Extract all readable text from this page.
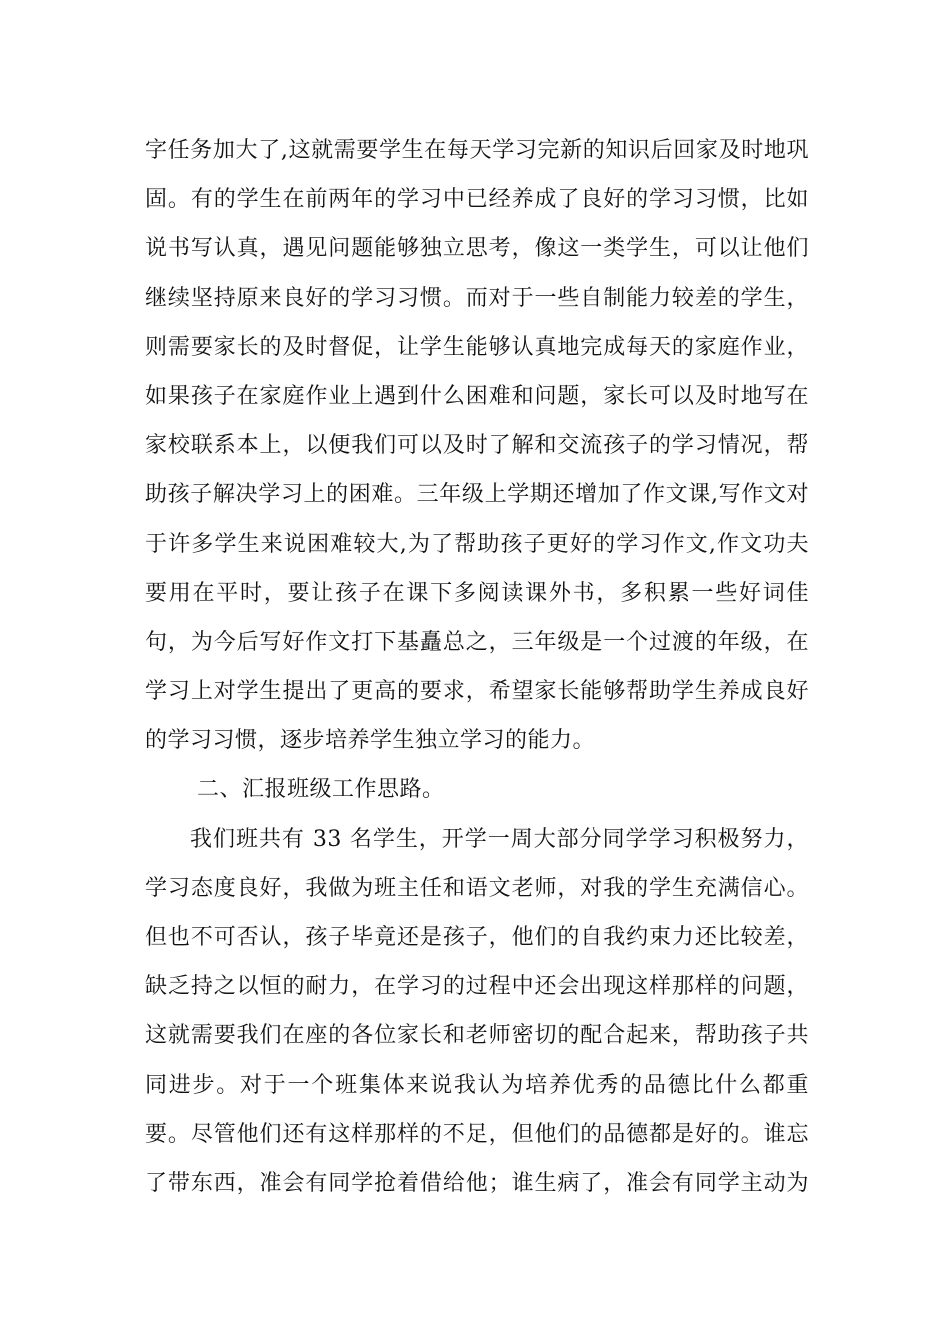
字任务加大了,这就需要学生在每天学习完新的知识后回家及时地巩
固。有的学生在前两年的学习中已经养成了良好的学习习惯，比如
说书写认真，遇见问题能够独立思考，像这一类学生，可以让他们
继续坚持原来良好的学习习惯。而对于一些自制能力较差的学生，
则需要家长的及时督促，让学生能够认真地完成每天的家庭作业，
如果孩子在家庭作业上遇到什么困难和问题，家长可以及时地写在
家校联系本上，以便我们可以及时了解和交流孩子的学习情况，帮
助孩子解决学习上的困难。三年级上学期还增加了作文课,写作文对
于许多学生来说困难较大,为了帮助孩子更好的学习作文,作文功夫
要用在平时，要让孩子在课下多阅读课外书，多积累一些好词佳
句，为今后写好作文打下基矗总之，三年级是一个过渡的年级，在
学习上对学生提出了更高的要求，希望家长能够帮助学生养成良好
的学习习惯，逐步培养学生独立学习的能力。
二、汇报班级工作思路。
我们班共有 33 名学生，开学一周大部分同学学习积极努力，
学习态度良好，我做为班主任和语文老师，对我的学生充满信心。
但也不可否认，孩子毕竟还是孩子，他们的自我约束力还比较差，
缺乏持之以恒的耐力，在学习的过程中还会出现这样那样的问题，
这就需要我们在座的各位家长和老师密切的配合起来，帮助孩子共
同进步。对于一个班集体来说我认为培养优秀的品德比什么都重
要。尽管他们还有这样那样的不足，但他们的品德都是好的。谁忘
了带东西，准会有同学抢着借给他；谁生病了，准会有同学主动为
